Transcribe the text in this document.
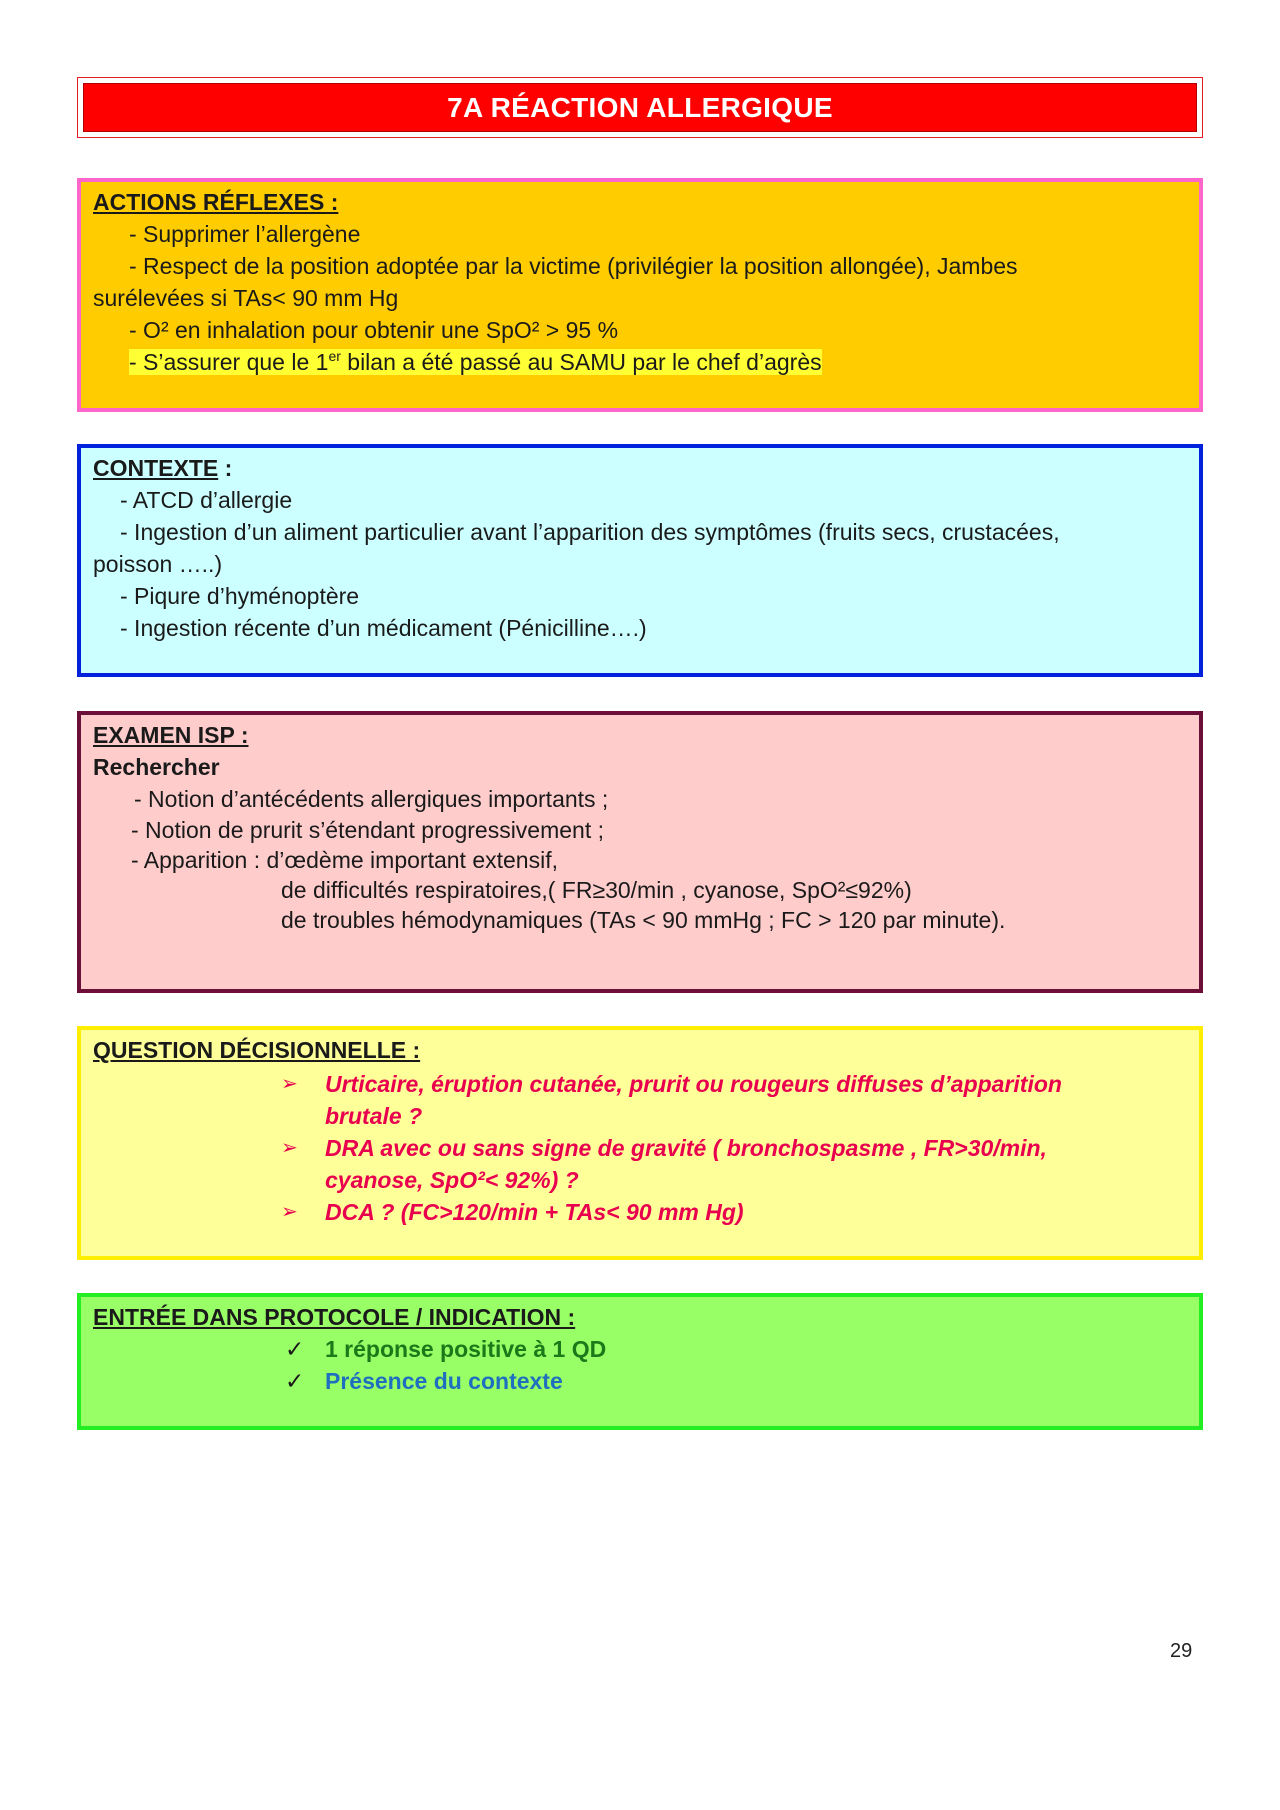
7A RÉACTION ALLERGIQUE
ACTIONS RÉFLEXES :
- Supprimer l’allergène
- Respect de la position adoptée par la victime (privilégier la position allongée), Jambes
surélevées si TAs< 90 mm Hg
- O² en inhalation pour obtenir une SpO² > 95 %
- S’assurer que le 1er bilan a été passé au SAMU par le chef d’agrès
CONTEXTE :
- ATCD d’allergie
- Ingestion d’un aliment particulier avant l’apparition des symptômes (fruits secs, crustacées,
poisson …..)
- Piqure d’hyménoptère
- Ingestion récente d’un médicament (Pénicilline….)
EXAMEN ISP :
Rechercher
- Notion d’antécédents allergiques importants ;
- Notion de prurit s’étendant progressivement ;
- Apparition : d’œdème important extensif,
de difficultés respiratoires,( FR≥30/min , cyanose, SpO²≤92%)
de troubles hémodynamiques (TAs < 90 mmHg ; FC > 120 par minute).
QUESTION DÉCISIONNELLE :
➢ Urticaire, éruption cutanée, prurit ou rougeurs diffuses d’apparition
brutale ?
➢ DRA avec ou sans signe de gravité ( bronchospasme , FR>30/min,
cyanose, SpO²< 92%) ?
➢ DCA ? (FC>120/min + TAs< 90 mm Hg)
ENTRÉE DANS PROTOCOLE / INDICATION :
✓ 1 réponse positive à 1 QD
✓ Présence du contexte
29
